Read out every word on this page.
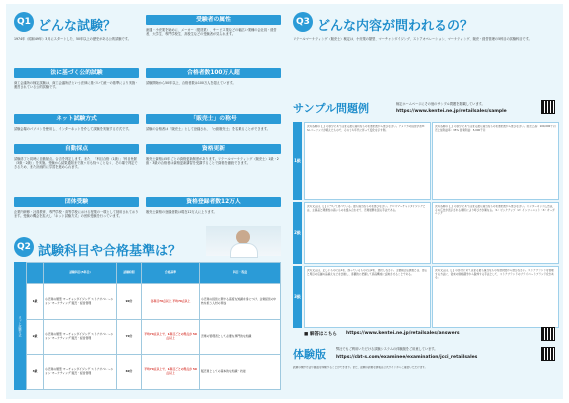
Q1 どんな試験？
1974年（昭和49年）3月にスタートした、50年以上の歴史がある公的試験です。
法に基づく公的試験
商工会議所の検定試験は、商工会議所法という法律に基づいて統一の基準により実施・運営されている公的試験です。
ネット試験方式
試験会場のパソコンを使用し、インターネットを介して試験を実施する方式です。
自動採点
試験終了と同時に自動採点。合否を判定します。また、「科目合格（1級）」「科目免除（3級・2級）」を実施。受験から結果通知まで数ヶ月も待つことなく、その場で判定できるため、また計画的に学習を進められます。
団体受験
企業内研修・社員教育、専門学校・高等学校における授業の一環として採用されております。受験の機会を拡大し「ネット試験方式」の団体受験を行っています。
受験者の属性
流通・小売業を始めに、メーカー（製造業）、サービス業などの幅広い業種の会社員・経営者、大学生、専門学校生、高校生などの受験者が見られます。
合格者数100万人超
試験開始から50年以上、合格者数は100万人を超えています。
「販売士」の称号
試験の合格者は「販売士」として登録され、「○級販売士」を名乗ることができます。
資格更新
販売士資格は5年ごとの資格更新制度があります。リテールマーケティング（販売士）1級・2級・3級の合格者は資格更新講習を受講することで資格を継続できます。
資格登録者数12万人
販売士資格の登録者数は現在12万人に上ります。
Q2 試験科目や合格基準は？
ネット試験方式
	試験科目(5科目)	試験時間	合格基準	科目・程度
1級	小売業の類型 マーチャンダイジング ストアオペレーション マーケティング 販売・経営管理	90分	各科目70点以上 平均70点以上	小売業の経営に関する高度な知識を身につけ、企業経営の中核を担う人材の育成
2級	小売業の類型 マーチャンダイジング ストアオペレーション マーケティング 販売・経営管理	70分	平均70点以上で、1科目ごとの得点が 50点以上	売場の管理者として必要な専門的な知識
3級	小売業の類型 マーチャンダイジング ストアオペレーション マーケティング 販売・経営管理	60分	平均70点以上で、1科目ごとの得点が 50点以上	販売員としての基本的な知識・技能
Q3 どんな内容が問われるの？
リテールマーケティング（販売士）検定は、小売業の類型、マーチャンダイジング、ストアオペレーション、マーケティング、販売・経営管理の5科目の試験科目です。
サンプル問題例	検定ホームページにその他のサンプル問題を掲載しています。
https://www.kentei.ne.jp/retailsales/sample
1級
次の各問の【 】の部分にあてはまる最も適切なものを選択肢から選びなさい。アメリカの経営学者Ｗ.Ｍ.パーソンズが唱えたもので、そのうち年代に伴って変化を示す例。
次の各問の【 】の部分にあてはまる最も適当なものを選択肢から選びなさい。総売上高：100,000千円 売上総利益率：35% 営業利益：5,000千円
2級
次の文章は、【 】について述べている。最も適当なものを選びなさい。クロスマーチャンダイジングとは、主商品と関連性の高いものを組み合わせて、売場展開を図る手法である。
次の各問の【 】の部分にあてはまる最も適当なものを選択肢から選びなさい。インターネット広告は、その広告が表示される場所により呼び方が異なる。（1）ピックアップ（2）インフィニット（3）オーガニック
3級
次の文章は、正しいものには1を、誤っているものには2を、選択しなさい。主要競合店調査とは、自店と周辺の店舗の品揃えなどを比較し、客観的に把握して商品構成に反映させることである。
次の文章は、【 】の部分にあてはまる最も適当なものを選択肢から選びなさい。ストアブランドを管理する方法に、従来の価格競争から脱却する手法として、ストアブランドのプライベートブランド化がある。
■ 解答はこちら https://www.kentei.ne.jp/retailsales/answers
体験版	弊社でもご利用いただける試験システムの体験版をご用意しています。
https://cbt-s.com/examinee/examination/jcci_retailsales
試験の操作方法や画面を体験することができます。また、試験の詳細な情報は公式サイトからご確認いただけます。
